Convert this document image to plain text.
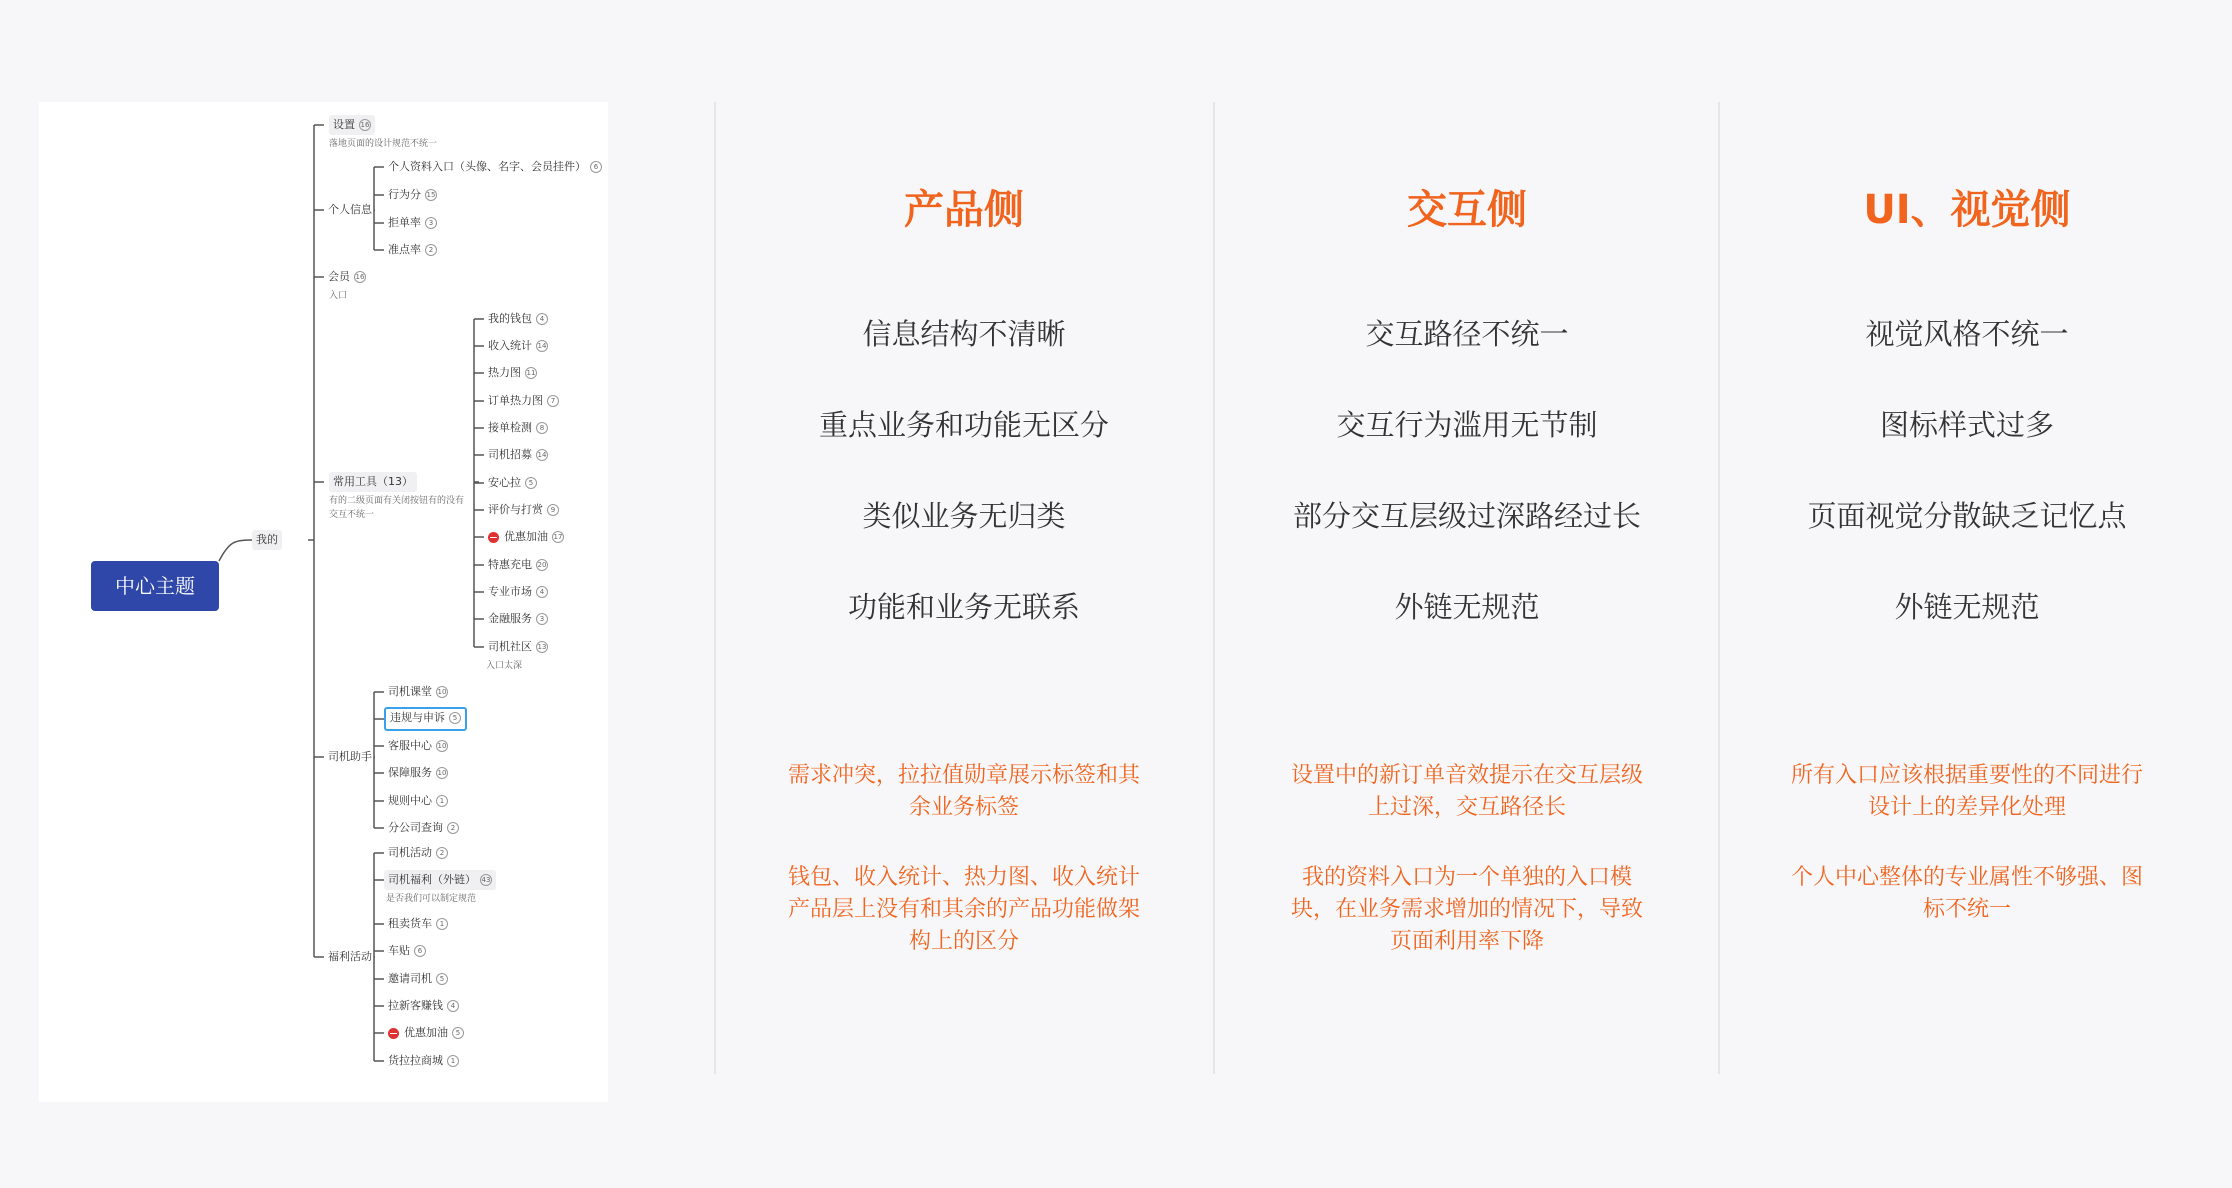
中心主题
我的
设置 16
落地页面的设计规范不统一
个人信息
个人资料入口（头像、名字、会员挂件） 6
行为分 15
拒单率 3
准点率 2
会员 16
入口
常用工具（13）
有的二级页面有关闭按钮有的没有
交互不统一
我的钱包 4
收入统计 14
热力图 11
订单热力图 7
接单检测 8
司机招募 14
安心拉 5
评价与打赏 9
优惠加油 17
特惠充电 20
专业市场 4
金融服务 3
司机社区 13
入口太深
司机助手
司机课堂 10
违规与申诉 5
客服中心 10
保障服务 10
规则中心 1
分公司查询 2
福利活动
司机活动 2
司机福利（外链） 43
是否我们可以制定规范
租卖货车 1
车贴 6
邀请司机 5
拉新客赚钱 4
优惠加油 5
货拉拉商城 1
产品侧
信息结构不清晰
重点业务和功能无区分
类似业务无归类
功能和业务无联系
需求冲突，拉拉值勋章展示标签和其余业务标签
钱包、收入统计、热力图、收入统计产品层上没有和其余的产品功能做架构上的区分
交互侧
交互路径不统一
交互行为滥用无节制
部分交互层级过深路经过长
外链无规范
设置中的新订单音效提示在交互层级上过深，交互路径长
我的资料入口为一个单独的入口模块，在业务需求增加的情况下，导致页面利用率下降
UI、视觉侧
视觉风格不统一
图标样式过多
页面视觉分散缺乏记忆点
外链无规范
所有入口应该根据重要性的不同进行设计上的差异化处理
个人中心整体的专业属性不够强、图标不统一
